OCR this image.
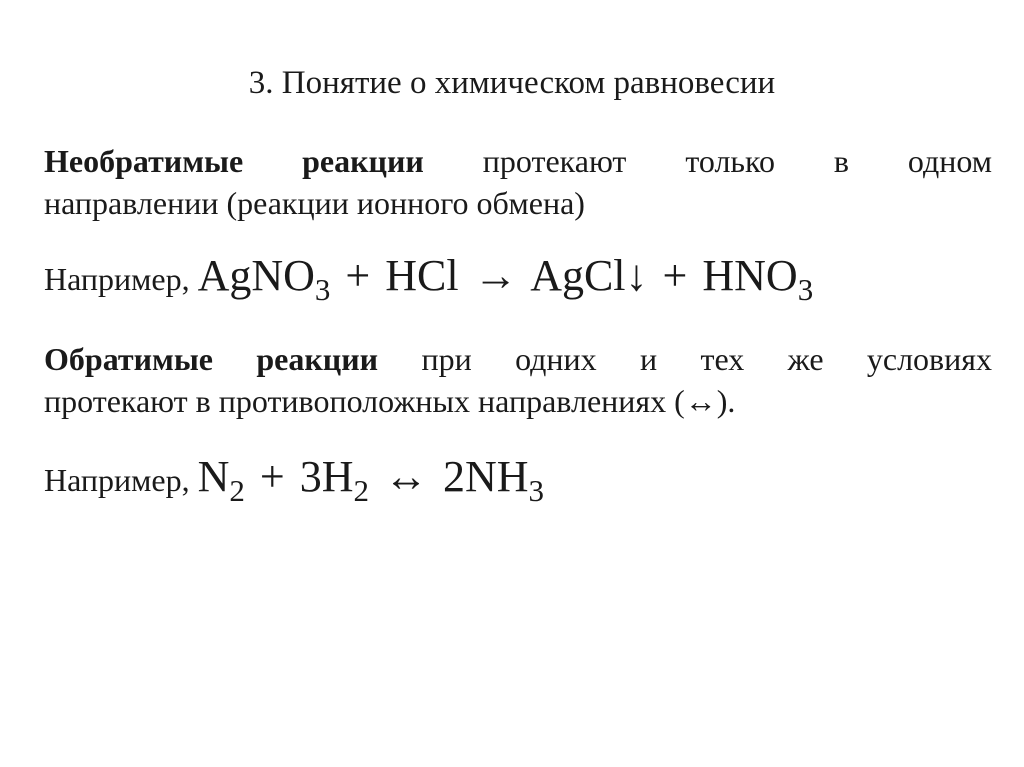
3. Понятие о химическом равновесии
Необратимые реакции протекают только в одном
направлении (реакции ионного обмена)
Например, AgNO$_3$ + HCl → AgCl↓ + $HNO_3$
Обратимые реакции при одних и тех же условиях
протекают в противоположных направлениях (↔).
Например, $N_2 + 3H_2$ ↔ $2NH_3$
